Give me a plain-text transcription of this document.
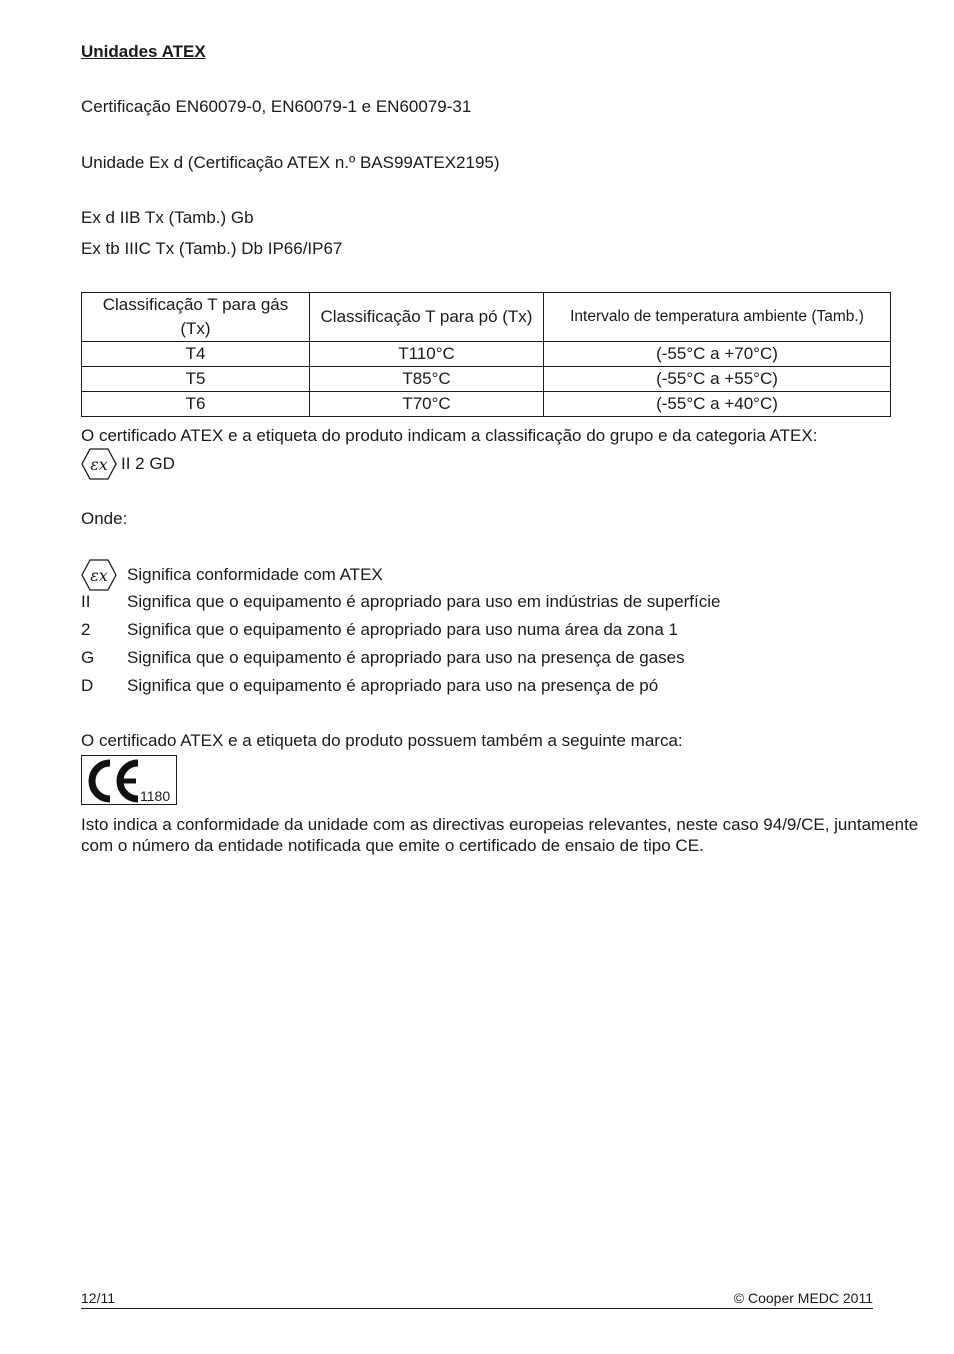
Unidades ATEX
Certificação EN60079-0, EN60079-1 e EN60079-31
Unidade Ex d (Certificação ATEX n.º BAS99ATEX2195)
Ex d IIB Tx (Tamb.) Gb
Ex tb IIIC Tx (Tamb.) Db IP66/IP67
Classificação T para gás (Tx)	Classificação T para pó (Tx)	Intervalo de temperatura ambiente (Tamb.)
T4	T110°C	(-55°C a +70°C)
T5	T85°C	(-55°C a +55°C)
T6	T70°C	(-55°C a +40°C)
O certificado ATEX e a etiqueta do produto indicam a classificação do grupo e da categoria ATEX:
εx II 2 GD
Onde:
εx Significa conformidade com ATEX
II	Significa que o equipamento é apropriado para uso em indústrias de superfície
2	Significa que o equipamento é apropriado para uso numa área da zona 1
G	Significa que o equipamento é apropriado para uso na presença de gases
D	Significa que o equipamento é apropriado para uso na presença de pó
O certificado ATEX e a etiqueta do produto possuem também a seguinte marca:
1180
Isto indica a conformidade da unidade com as directivas europeias relevantes, neste caso 94/9/CE, juntamente com o número da entidade notificada que emite o certificado de ensaio de tipo CE.
12/11	© Cooper MEDC 2011
